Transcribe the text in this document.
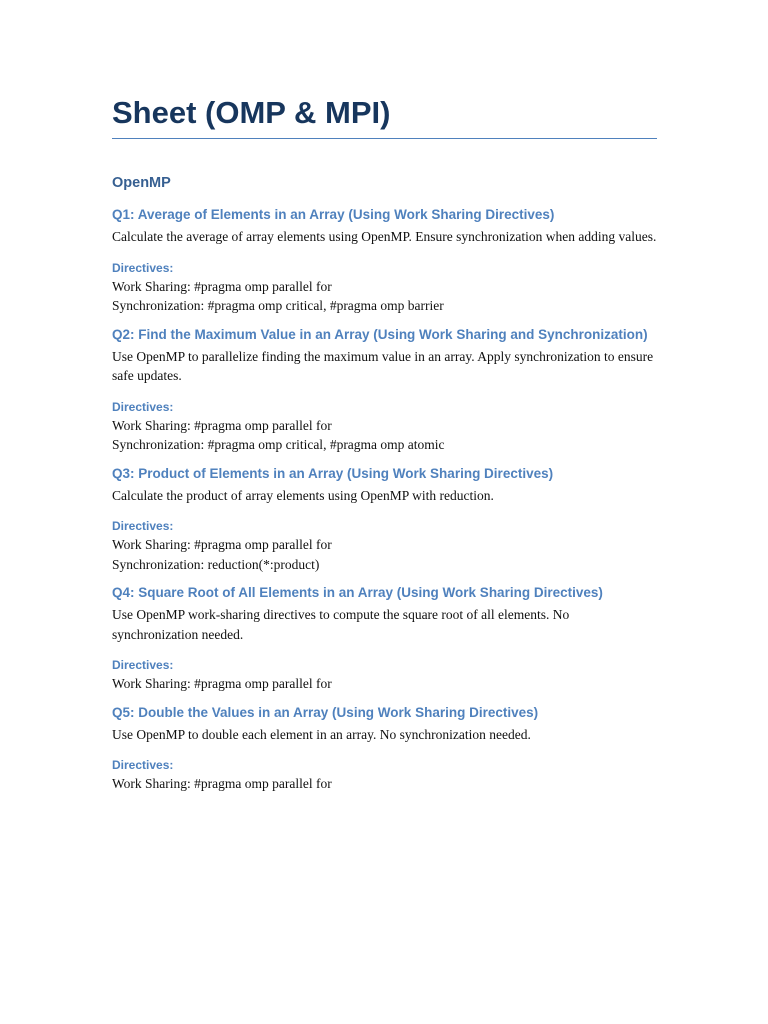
Sheet (OMP & MPI)
OpenMP

Q1: Average of Elements in an Array (Using Work Sharing Directives)

Calculate the average of array elements using OpenMP. Ensure synchronization when adding values.

Directives:

Work Sharing: #pragma omp parallel for

Synchronization: #pragma omp critical, #pragma omp barrier

Q2: Find the Maximum Value in an Array (Using Work Sharing and Synchronization)

Use OpenMP to parallelize finding the maximum value in an array. Apply synchronization to ensure safe updates.

Directives:

Work Sharing: #pragma omp parallel for

Synchronization: #pragma omp critical, #pragma omp atomic

Q3: Product of Elements in an Array (Using Work Sharing Directives)

Calculate the product of array elements using OpenMP with reduction.

Directives:

Work Sharing: #pragma omp parallel for

Synchronization: reduction(*:product)

Q4: Square Root of All Elements in an Array (Using Work Sharing Directives)

Use OpenMP work-sharing directives to compute the square root of all elements. No synchronization needed.

Directives:

Work Sharing: #pragma omp parallel for

Q5: Double the Values in an Array (Using Work Sharing Directives)

Use OpenMP to double each element in an array. No synchronization needed.

Directives:

Work Sharing: #pragma omp parallel for
